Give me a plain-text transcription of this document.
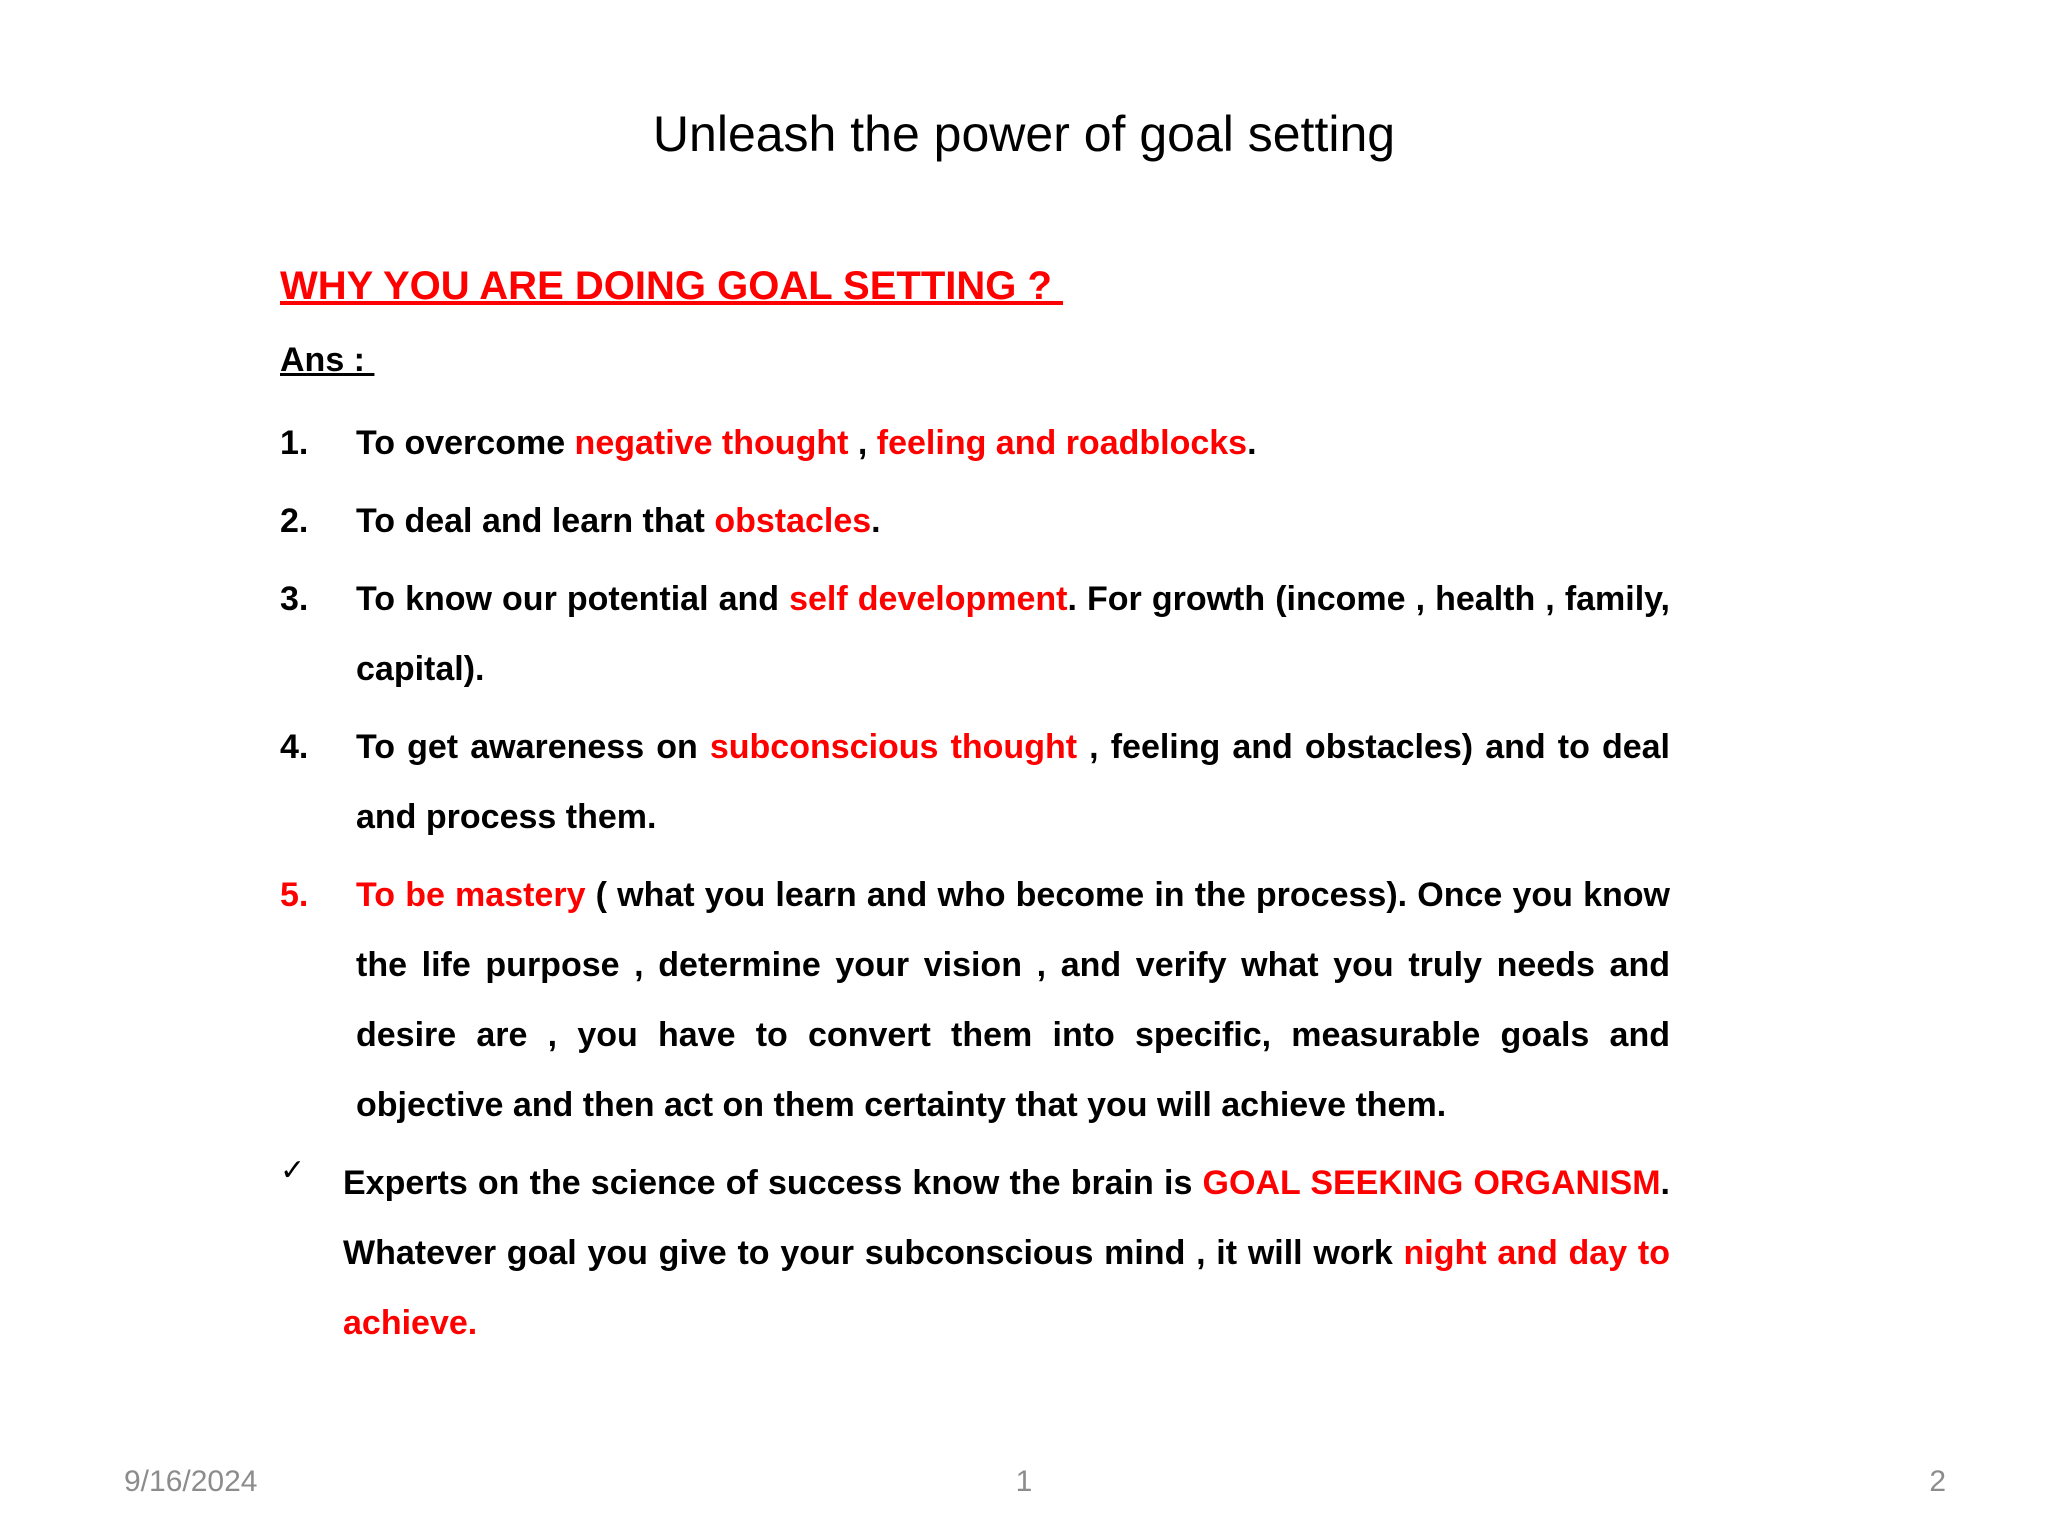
Unleash the power of goal setting
WHY YOU ARE DOING GOAL SETTING ?
Ans :
1. To overcome negative thought , feeling and roadblocks.
2. To deal and learn that obstacles.
3. To know our potential and self development. For growth (income , health , family, capital).
4. To get awareness on subconscious thought , feeling and obstacles) and to deal and process them.
5. To be mastery ( what you learn and who become in the process). Once you know the life purpose , determine your vision , and verify what you truly needs and desire are , you have to convert them into specific, measurable goals and objective and then act on them certainty that you will achieve them.
✓ Experts on the science of success know the brain is GOAL SEEKING ORGANISM. Whatever goal you give to your subconscious mind , it will work night and day to achieve.
9/16/2024	1	2
